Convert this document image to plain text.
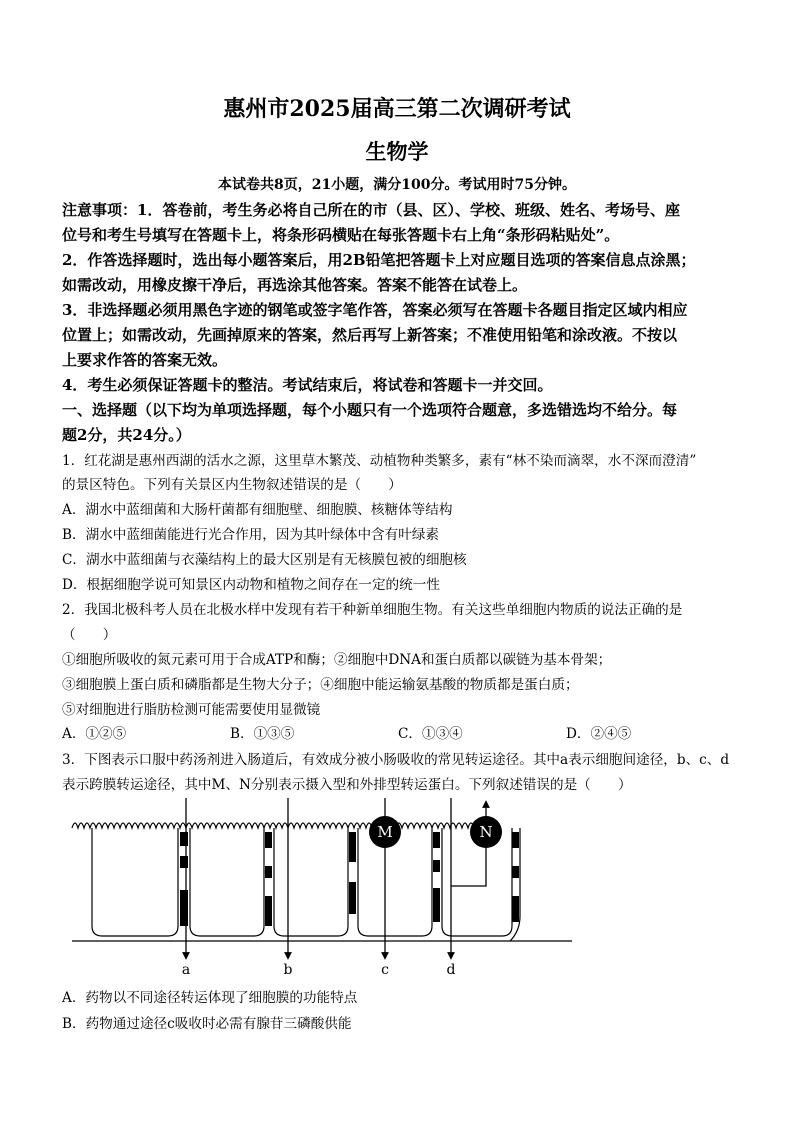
惠州市2025届高三第二次调研考试
生物学
本试卷共8页，21小题，满分100分。考试用时75分钟。
注意事项：1．答卷前，考生务必将自己所在的市（县、区）、学校、班级、姓名、考场号、座
位号和考生号填写在答题卡上，将条形码横贴在每张答题卡右上角“条形码粘贴处”。
2．作答选择题时，选出每小题答案后，用2B铅笔把答题卡上对应题目选项的答案信息点涂黑；
如需改动，用橡皮擦干净后，再选涂其他答案。答案不能答在试卷上。
3．非选择题必须用黑色字迹的钢笔或签字笔作答，答案必须写在答题卡各题目指定区域内相应
位置上；如需改动，先画掉原来的答案，然后再写上新答案；不准使用铅笔和涂改液。不按以
上要求作答的答案无效。
4．考生必须保证答题卡的整洁。考试结束后，将试卷和答题卡一并交回。
一、选择题（以下均为单项选择题，每个小题只有一个选项符合题意，多选错选均不给分。每
题2分，共24分。）
1．红花湖是惠州西湖的活水之源，这里草木繁茂、动植物种类繁多，素有“林不染而滴翠，水不深而澄清”
的景区特色。下列有关景区内生物叙述错误的是（　　）
A．湖水中蓝细菌和大肠杆菌都有细胞壁、细胞膜、核糖体等结构
B．湖水中蓝细菌能进行光合作用，因为其叶绿体中含有叶绿素
C．湖水中蓝细菌与衣藻结构上的最大区别是有无核膜包被的细胞核
D．根据细胞学说可知景区内动物和植物之间存在一定的统一性
2．我国北极科考人员在北极水样中发现有若干种新单细胞生物。有关这些单细胞内物质的说法正确的是
（　　）
①细胞所吸收的氮元素可用于合成ATP和酶；②细胞中DNA和蛋白质都以碳链为基本骨架；
③细胞膜上蛋白质和磷脂都是生物大分子；④细胞中能运输氨基酸的物质都是蛋白质；
⑤对细胞进行脂肪检测可能需要使用显微镜
A．①②⑤	B．①③⑤	C．①③④	D．②④⑤
3．下图表示口服中药汤剂进入肠道后，有效成分被小肠吸收的常见转运途径。其中a表示细胞间途径，b、c、d
表示跨膜转运途径，其中M、N分别表示摄入型和外排型转运蛋白。下列叙述错误的是（　　）
M	N
a	b	c	d
A．药物以不同途径转运体现了细胞膜的功能特点
B．药物通过途径c吸收时必需有腺苷三磷酸供能
